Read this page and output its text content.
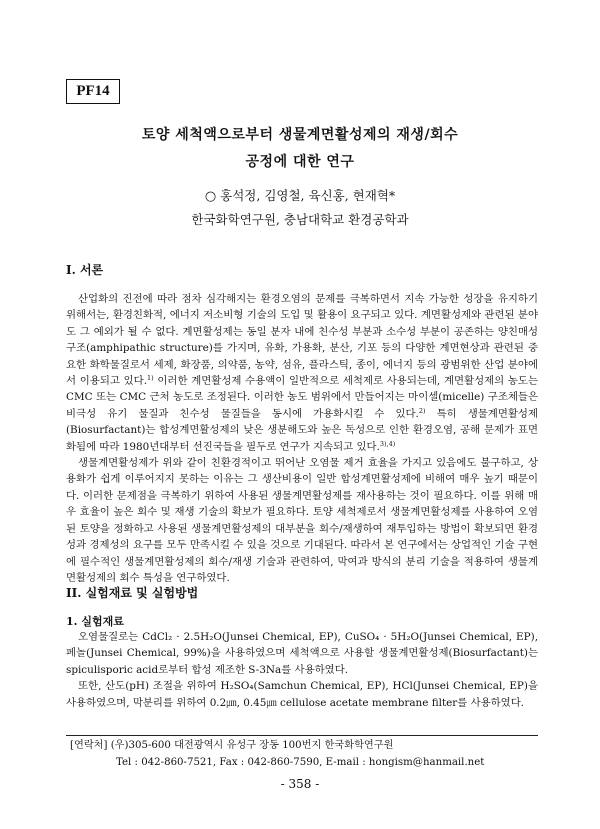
PF14
토양 세척액으로부터 생물계면활성제의 재생/회수
공정에 대한 연구
○ 홍석정, 김영철, 육신홍, 현재혁*
한국화학연구원, 충남대학교 환경공학과
I. 서론

산업화의 진전에 따라 점차 심각해지는 환경오염의 문제를 극복하면서 지속 가능한 성장을 유지하기 위해서는, 환경친화적, 에너지 저소비형 기술의 도입 및 활용이 요구되고 있다. 계면활성제와 관련된 분야도 그 예외가 될 수 없다. 계면활성제는 동일 분자 내에 친수성 부분과 소수성 부분이 공존하는 양친매성 구조(amphipathic structure)를 가지며, 유화, 가용화, 분산, 기포 등의 다양한 계면현상과 관련된 중요한 화학물질로서 세제, 화장품, 의약품, 농약, 섬유, 플라스틱, 종이, 에너지 등의 광범위한 산업 분야에서 이용되고 있다.$^{1)}$ 이러한 계면활성제 수용액이 일반적으로 세척제로 사용되는데, 계면활성제의 농도는 CMC 또는 CMC 근처 농도로 조정된다. 이러한 농도 범위에서 만들어지는 마이셀(micelle) 구조체들은 비극성 유기 물질과 친수성 물질들을 동시에 가용화시킬 수 있다.$^{2)}$ 특히 생물계면활성제(Biosurfactant)는 합성계면활성제의 낮은 생분해도와 높은 독성으로 인한 환경오염, 공해 문제가 표면화됨에 따라 1980년대부터 선진국들을 필두로 연구가 지속되고 있다.$^{3),4)}$

생물계면활성제가 위와 같이 친환경적이고 뛰어난 오염물 제거 효율을 가지고 있음에도 불구하고, 상용화가 쉽게 이루어지지 못하는 이유는 그 생산비용이 일반 합성계면활성제에 비해여 매우 높기 때문이다. 이러한 문제점을 극복하기 위하여 사용된 생물계면활성제를 재사용하는 것이 필요하다. 이를 위해 매우 효율이 높은 회수 및 재생 기술의 확보가 필요하다. 토양 세척제로서 생물계면활성제를 사용하여 오염된 토양을 정화하고 사용된 생물계면활성제의 대부분을 회수/재생하여 재투입하는 방법이 확보되면 환경성과 경제성의 요구를 모두 만족시킬 수 있을 것으로 기대된다. 따라서 본 연구에서는 상업적인 기술 구현에 필수적인 생물계면활성제의 회수/재생 기술과 관련하여, 막여과 방식의 분리 기술을 적용하여 생물계면활성제의 회수 특성을 연구하였다.

II. 실험재료 및 실험방법
1. 실험재료

오염물질로는 CdCl₂ · 2.5H₂O(Junsei Chemical, EP), CuSO₄ · 5H₂O(Junsei Chemical, EP), 페놀(Junsei Chemical, 99%)을 사용하였으며 세척액으로 사용할 생물계면활성제(Biosurfactant)는 spiculisporic acid로부터 합성 제조한 S-3Na를 사용하였다.

또한, 산도(pH) 조절을 위하여 H₂SO₄(Samchun Chemical, EP), HCl(Junsei Chemical, EP)을 사용하였으며, 막분리를 위하여 0.2㎛, 0.45㎛ cellulose acetate membrane filter를 사용하였다.

[연락처] (우)305-600 대전광역시 유성구 장동 100번지 한국화학연구원
Tel : 042-860-7521, Fax : 042-860-7590, E-mail : hongism@hanmail.net
- 358 -
